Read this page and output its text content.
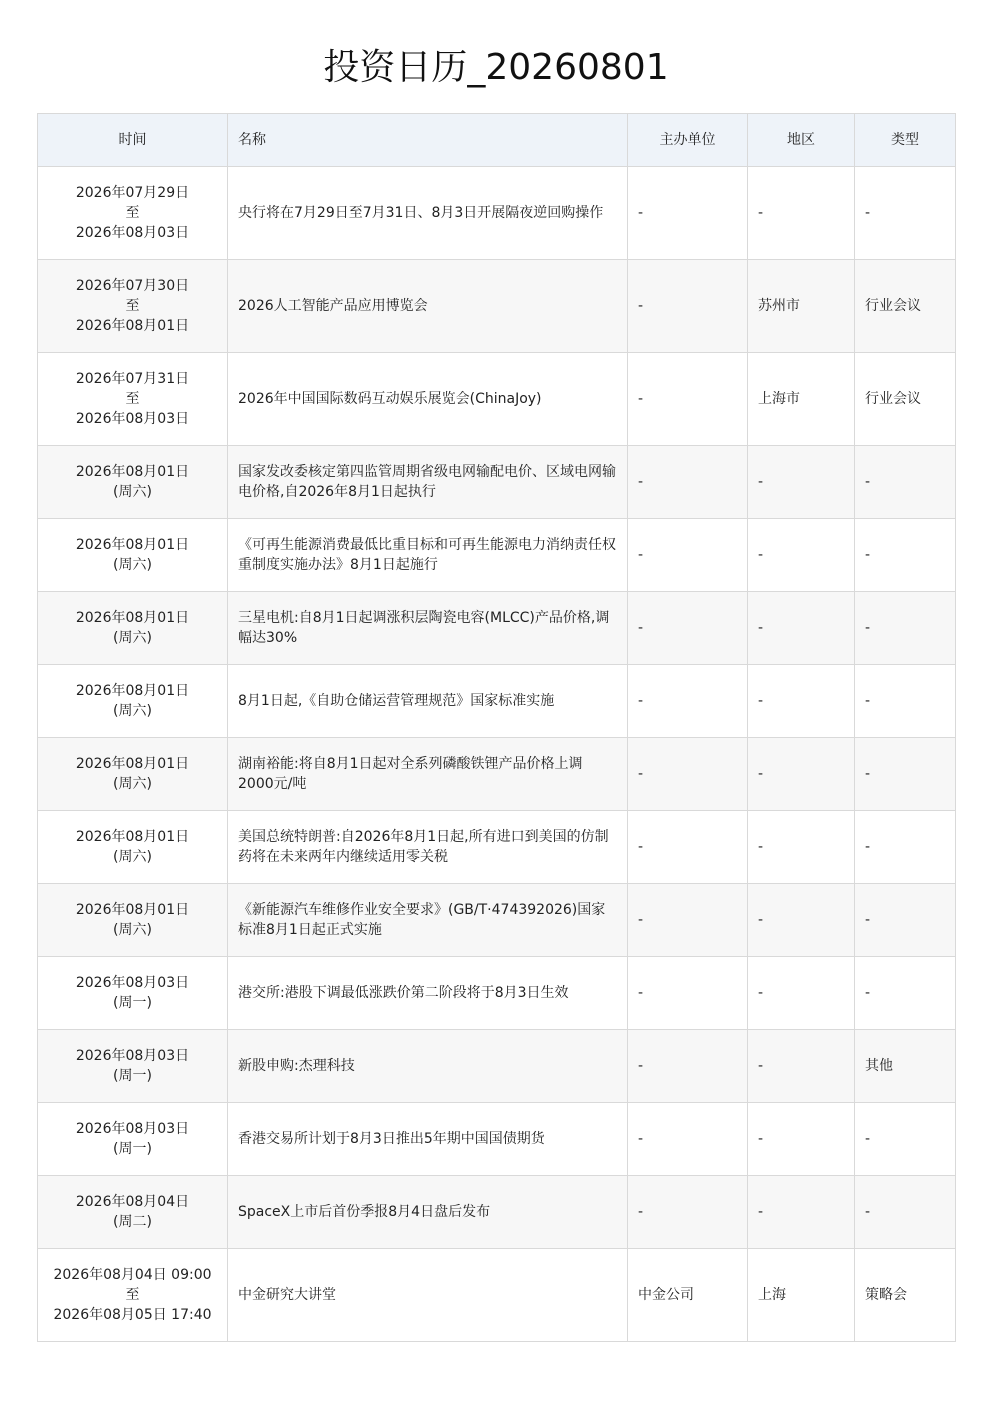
投资日历_20260801
时间	名称	主办单位	地区	类型

2026年07月29日
至
2026年08月03日	央行将在7月29日至7月31日、8月3日开展隔夜逆回购操作	-	-	-

2026年07月30日
至
2026年08月01日	2026人工智能产品应用博览会	-	苏州市	行业会议

2026年07月31日
至
2026年08月03日	2026年中国国际数码互动娱乐展览会(ChinaJoy)	-	上海市	行业会议

2026年08月01日
(周六)	国家发改委核定第四监管周期省级电网输配电价、区域电网输电价格,自2026年8月1日起执行	-	-	-

2026年08月01日
(周六)	《可再生能源消费最低比重目标和可再生能源电力消纳责任权重制度实施办法》8月1日起施行	-	-	-

2026年08月01日
(周六)	三星电机:自8月1日起调涨积层陶瓷电容(MLCC)产品价格,调幅达30%	-	-	-

2026年08月01日
(周六)	8月1日起,《自助仓储运营管理规范》国家标准实施	-	-	-

2026年08月01日
(周六)	湖南裕能:将自8月1日起对全系列磷酸铁锂产品价格上调2000元/吨	-	-	-

2026年08月01日
(周六)	美国总统特朗普:自2026年8月1日起,所有进口到美国的仿制药将在未来两年内继续适用零关税	-	-	-

2026年08月01日
(周六)	《新能源汽车维修作业安全要求》(GB/T·474392026)国家标准8月1日起正式实施	-	-	-

2026年08月03日
(周一)	港交所:港股下调最低涨跌价第二阶段将于8月3日生效	-	-	-

2026年08月03日
(周一)	新股申购:杰理科技	-	-	其他

2026年08月03日
(周一)	香港交易所计划于8月3日推出5年期中国国债期货	-	-	-

2026年08月04日
(周二)	SpaceX上市后首份季报8月4日盘后发布	-	-	-

2026年08月04日 09:00
至
2026年08月05日 17:40	中金研究大讲堂	中金公司	上海	策略会
